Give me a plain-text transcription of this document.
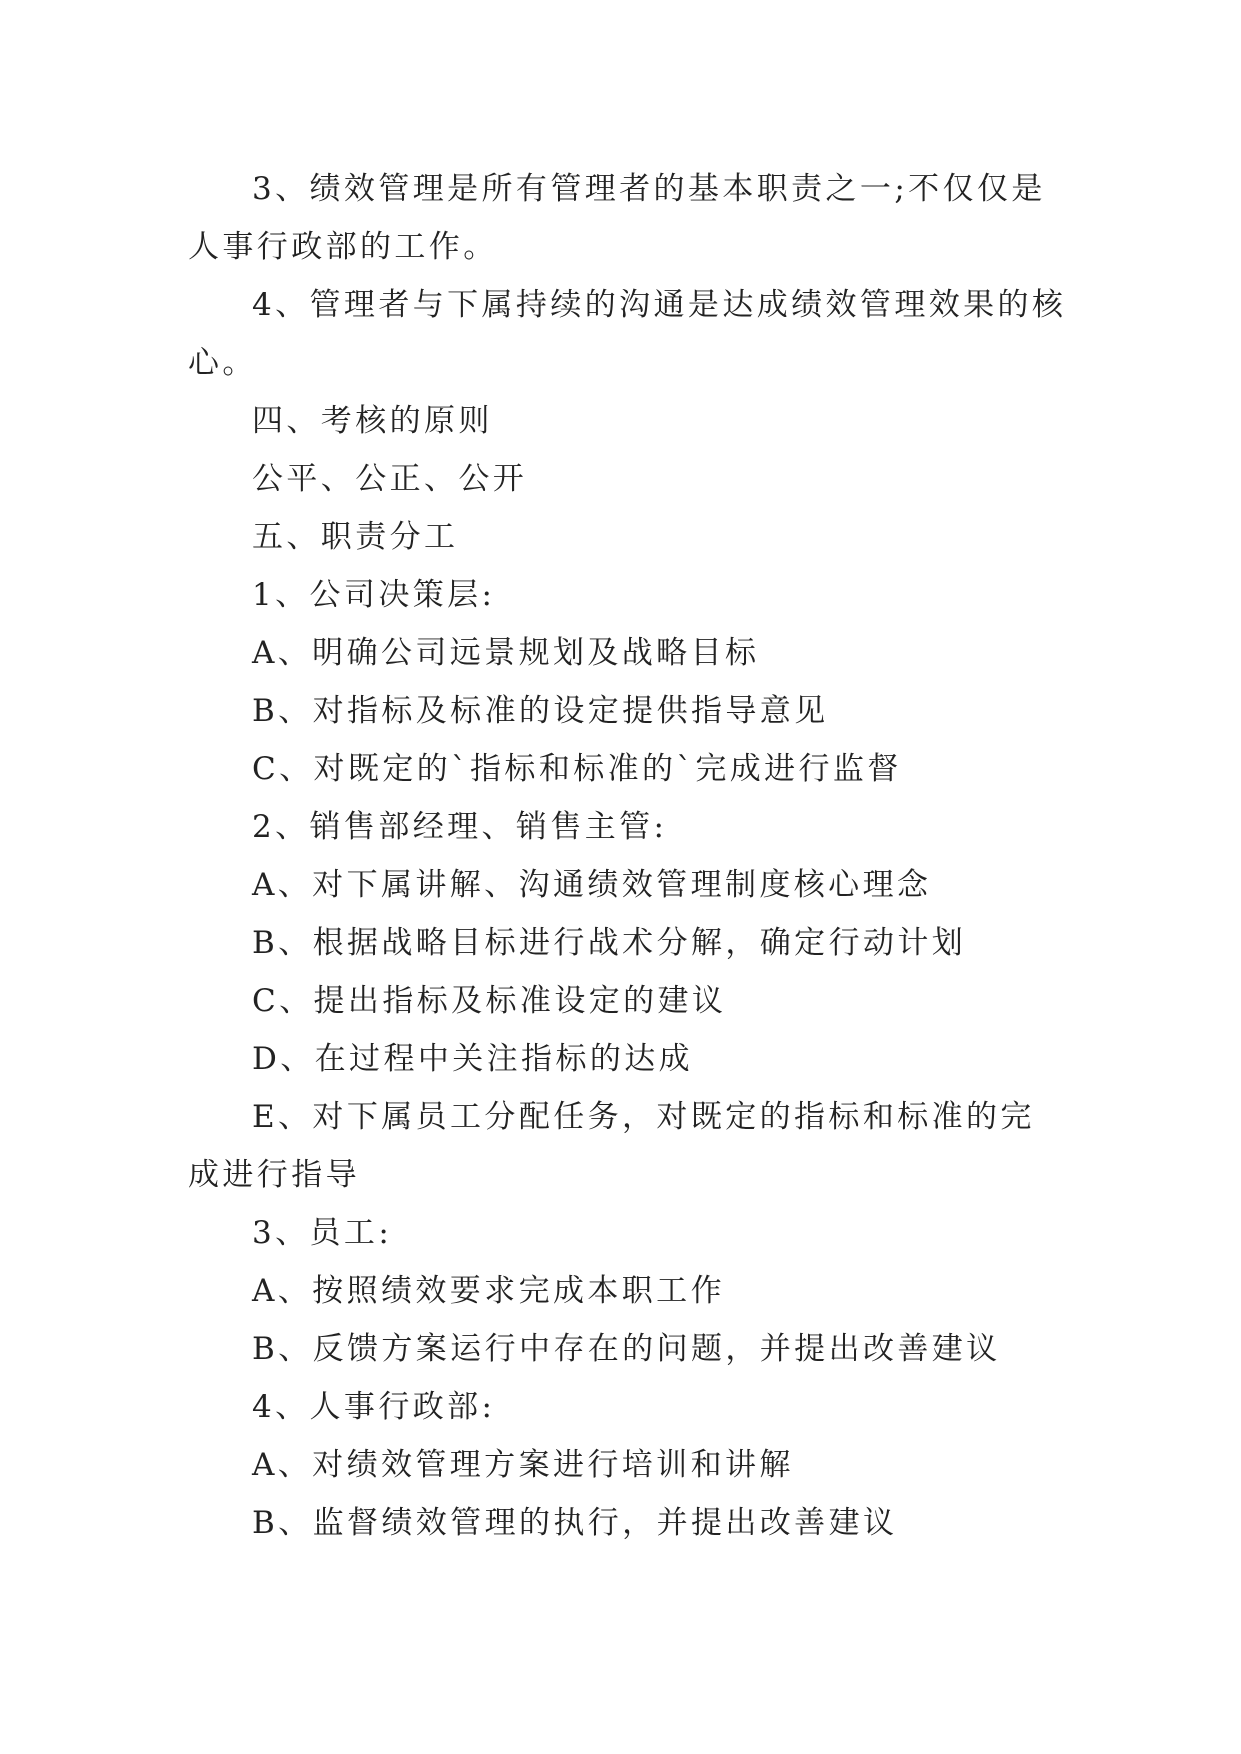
3、绩效管理是所有管理者的基本职责之一;不仅仅是人事行政部的工作。

4、管理者与下属持续的沟通是达成绩效管理效果的核心。

四、考核的原则

公平、公正、公开

五、职责分工

1、公司决策层:

A、明确公司远景规划及战略目标

B、对指标及标准的设定提供指导意见

C、对既定的`指标和标准的`完成进行监督

2、销售部经理、销售主管:

A、对下属讲解、沟通绩效管理制度核心理念

B、根据战略目标进行战术分解，确定行动计划

C、提出指标及标准设定的建议

D、在过程中关注指标的达成

E、对下属员工分配任务，对既定的指标和标准的完成进行指导

3、员工:

A、按照绩效要求完成本职工作

B、反馈方案运行中存在的问题，并提出改善建议

4、人事行政部:

A、对绩效管理方案进行培训和讲解

B、监督绩效管理的执行，并提出改善建议
